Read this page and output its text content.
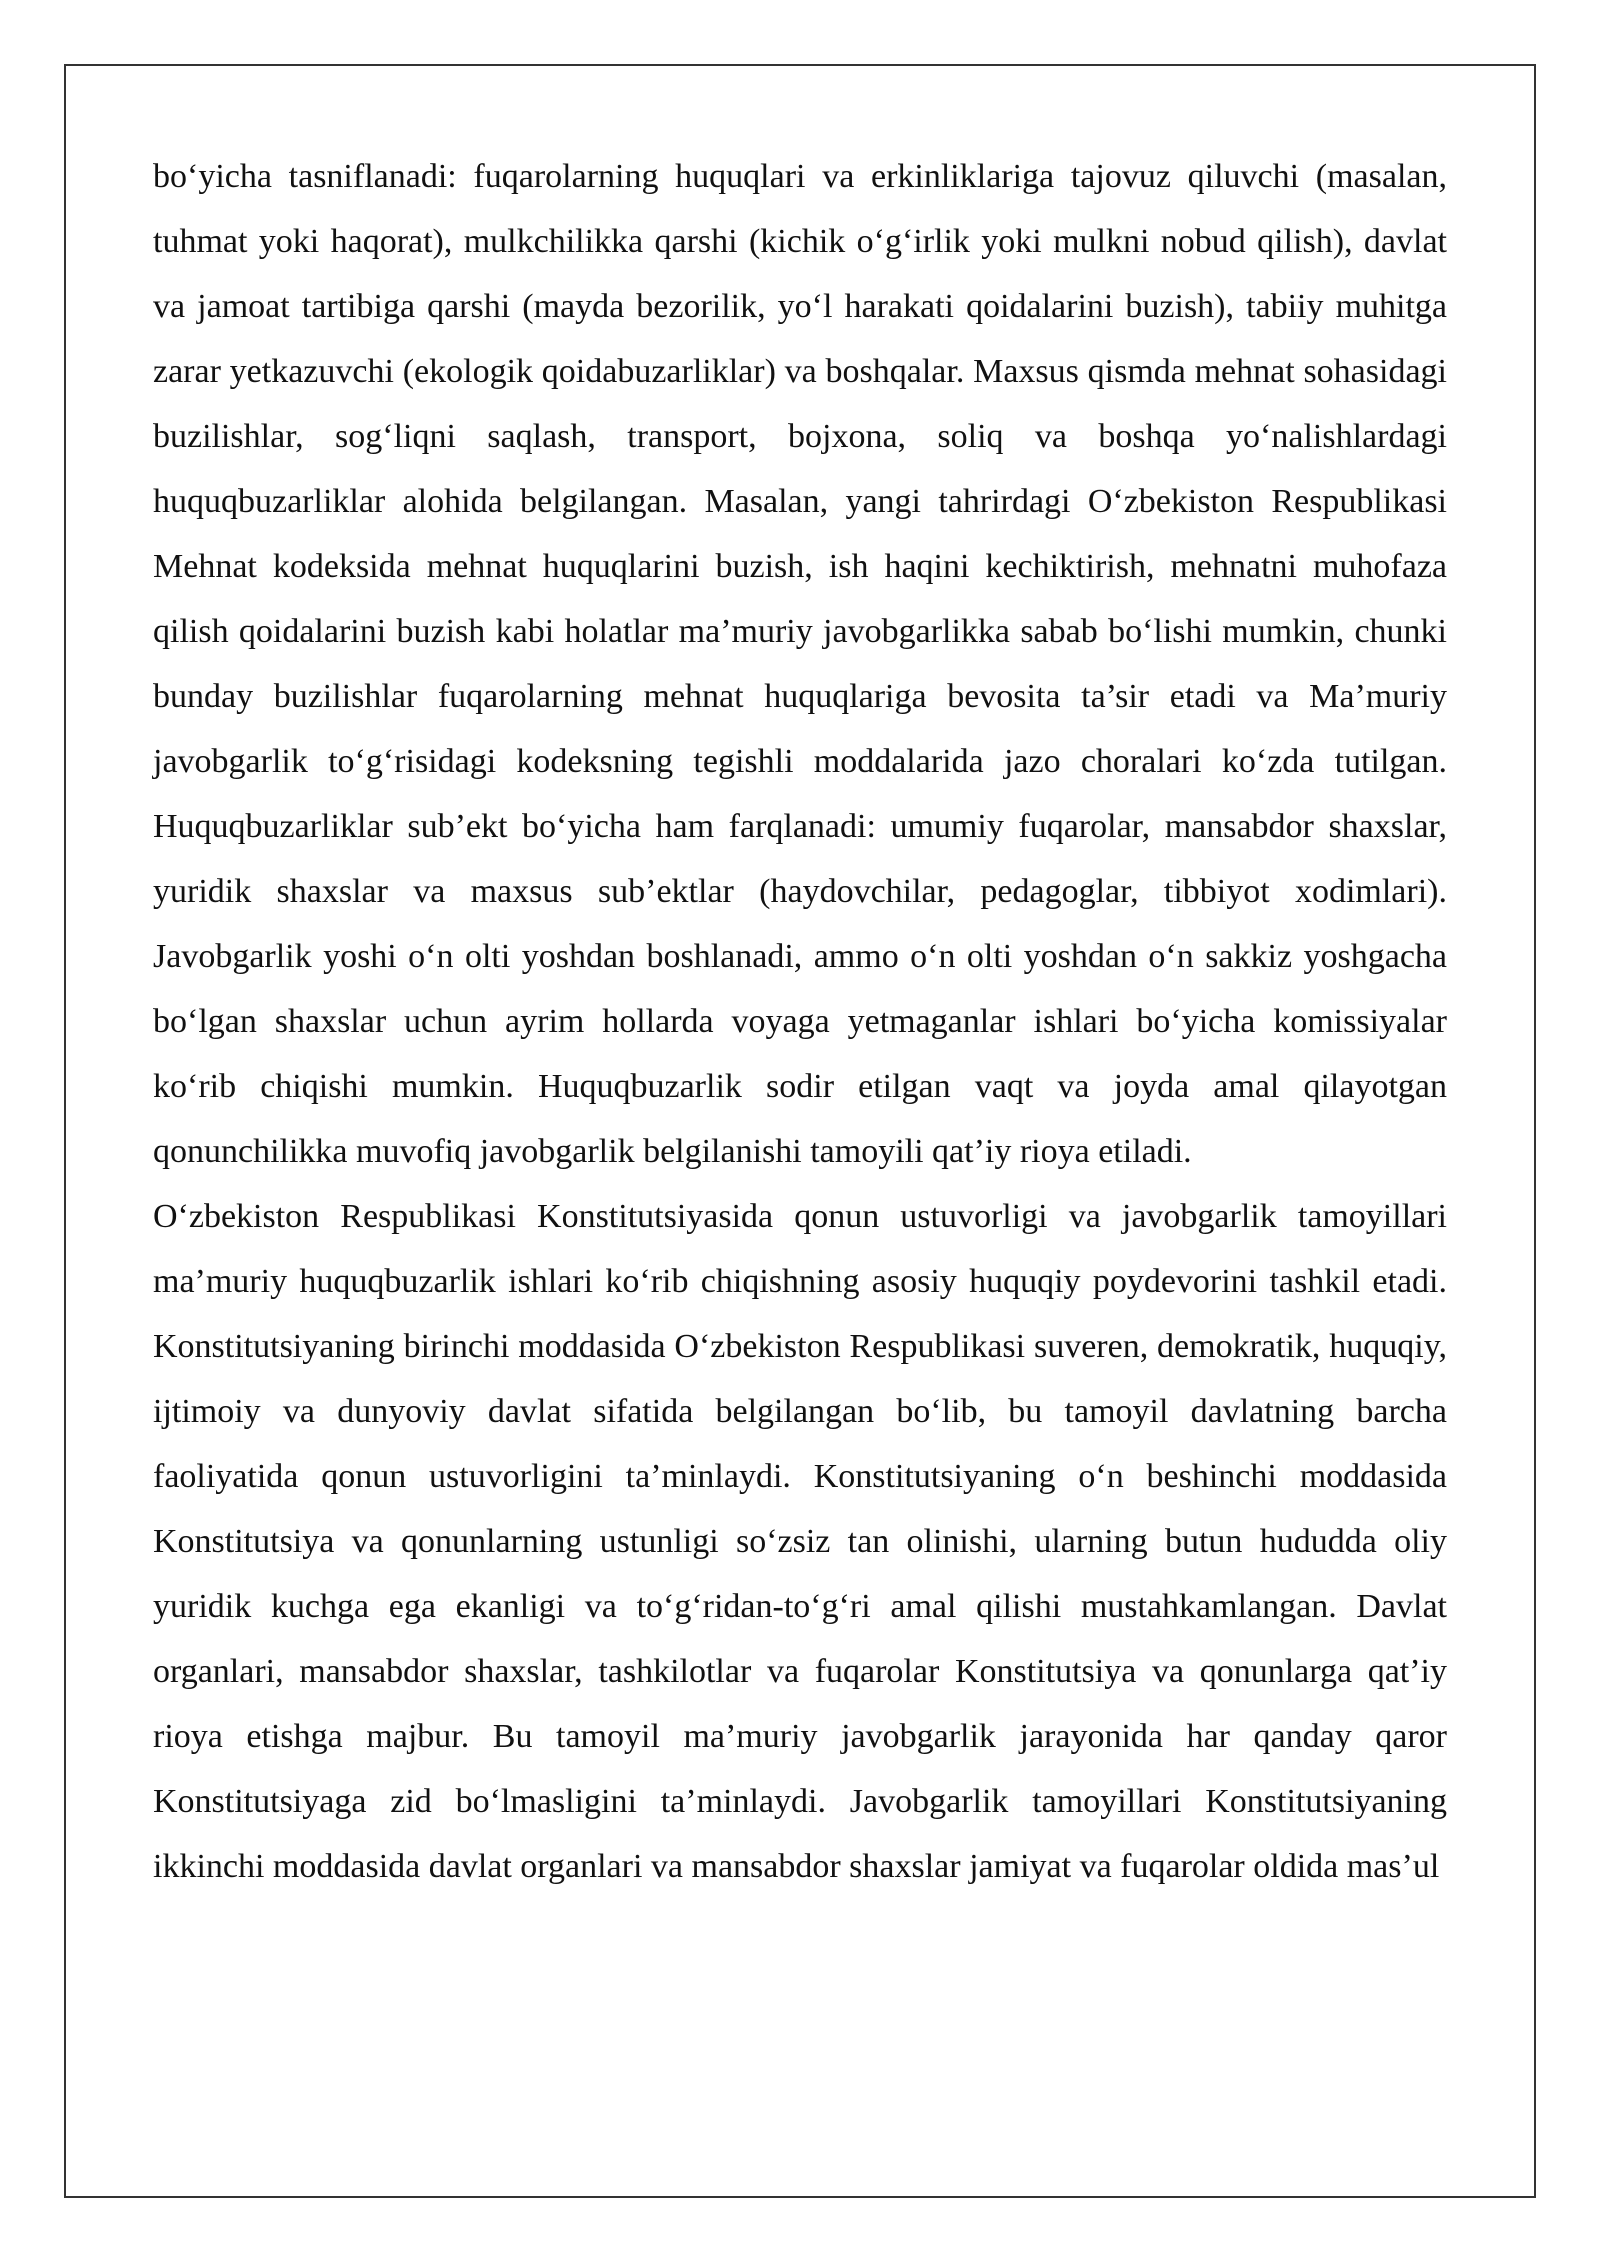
bo‘yicha tasniflanadi: fuqarolarning huquqlari va erkinliklariga tajovuz qiluvchi (masalan, tuhmat yoki haqorat), mulkchilikka qarshi (kichik o‘g‘irlik yoki mulkni nobud qilish), davlat va jamoat tartibiga qarshi (mayda bezorilik, yo‘l harakati qoidalarini buzish), tabiiy muhitga zarar yetkazuvchi (ekologik qoidabuzarliklar) va boshqalar. Maxsus qismda mehnat sohasidagi buzilishlar, sog‘liqni saqlash, transport, bojxona, soliq va boshqa yo‘nalishlardagi huquqbuzarliklar alohida belgilangan. Masalan, yangi tahrirdagi O‘zbekiston Respublikasi Mehnat kodeksida mehnat huquqlarini buzish, ish haqini kechiktirish, mehnatni muhofaza qilish qoidalarini buzish kabi holatlar ma’muriy javobgarlikka sabab bo‘lishi mumkin, chunki bunday buzilishlar fuqarolarning mehnat huquqlariga bevosita ta’sir etadi va Ma’muriy javobgarlik to‘g‘risidagi kodeksning tegishli moddalarida jazo choralari ko‘zda tutilgan. Huquqbuzarliklar sub’ekt bo‘yicha ham farqlanadi: umumiy fuqarolar, mansabdor shaxslar, yuridik shaxslar va maxsus sub’ektlar (haydovchilar, pedagoglar, tibbiyot xodimlari). Javobgarlik yoshi o‘n olti yoshdan boshlanadi, ammo o‘n olti yoshdan o‘n sakkiz yoshgacha bo‘lgan shaxslar uchun ayrim hollarda voyaga yetmaganlar ishlari bo‘yicha komissiyalar ko‘rib chiqishi mumkin. Huquqbuzarlik sodir etilgan vaqt va joyda amal qilayotgan qonunchilikka muvofiq javobgarlik belgilanishi tamoyili qat’iy rioya etiladi.

O‘zbekiston Respublikasi Konstitutsiyasida qonun ustuvorligi va javobgarlik tamoyillari ma’muriy huquqbuzarlik ishlari ko‘rib chiqishning asosiy huquqiy poydevorini tashkil etadi. Konstitutsiyaning birinchi moddasida O‘zbekiston Respublikasi suveren, demokratik, huquqiy, ijtimoiy va dunyoviy davlat sifatida belgilangan bo‘lib, bu tamoyil davlatning barcha faoliyatida qonun ustuvorligini ta’minlaydi. Konstitutsiyaning o‘n beshinchi moddasida Konstitutsiya va qonunlarning ustunligi so‘zsiz tan olinishi, ularning butun hududda oliy yuridik kuchga ega ekanligi va to‘g‘ridan-to‘g‘ri amal qilishi mustahkamlangan. Davlat organlari, mansabdor shaxslar, tashkilotlar va fuqarolar Konstitutsiya va qonunlarga qat’iy rioya etishga majbur. Bu tamoyil ma’muriy javobgarlik jarayonida har qanday qaror Konstitutsiyaga zid bo‘lmasligini ta’minlaydi. Javobgarlik tamoyillari Konstitutsiyaning ikkinchi moddasida davlat organlari va mansabdor shaxslar jamiyat va fuqarolar oldida mas’ul
